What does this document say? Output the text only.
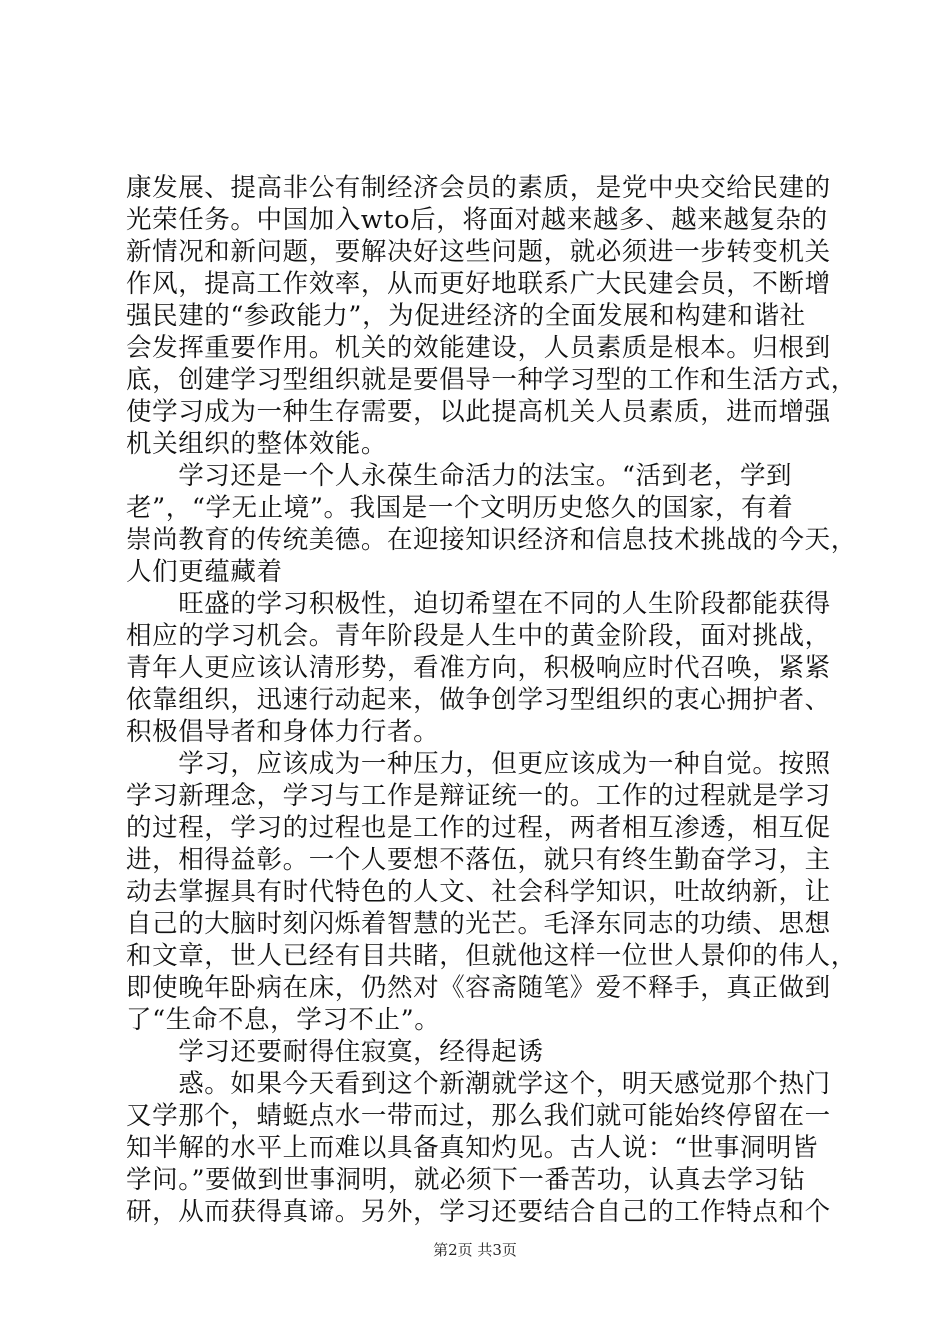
康发展、提高非公有制经济会员的素质，是党中央交给民建的
光荣任务。中国加入wto后，将面对越来越多、越来越复杂的
新情况和新问题，要解决好这些问题，就必须进一步转变机关
作风，提高工作效率，从而更好地联系广大民建会员，不断增
强民建的“参政能力”，为促进经济的全面发展和构建和谐社
会发挥重要作用。机关的效能建设，人员素质是根本。归根到
底，创建学习型组织就是要倡导一种学习型的工作和生活方式，
使学习成为一种生存需要，以此提高机关人员素质，进而增强
机关组织的整体效能。
　　学习还是一个人永葆生命活力的法宝。“活到老，学到
老”，“学无止境”。我国是一个文明历史悠久的国家，有着
崇尚教育的传统美德。在迎接知识经济和信息技术挑战的今天，
人们更蕴藏着
　　旺盛的学习积极性，迫切希望在不同的人生阶段都能获得
相应的学习机会。青年阶段是人生中的黄金阶段，面对挑战，
青年人更应该认清形势，看准方向，积极响应时代召唤，紧紧
依靠组织，迅速行动起来，做争创学习型组织的衷心拥护者、
积极倡导者和身体力行者。
　　学习，应该成为一种压力，但更应该成为一种自觉。按照
学习新理念，学习与工作是辩证统一的。工作的过程就是学习
的过程，学习的过程也是工作的过程，两者相互渗透，相互促
进，相得益彰。一个人要想不落伍，就只有终生勤奋学习，主
动去掌握具有时代特色的人文、社会科学知识，吐故纳新，让
自己的大脑时刻闪烁着智慧的光芒。毛泽东同志的功绩、思想
和文章，世人已经有目共睹，但就他这样一位世人景仰的伟人，
即使晚年卧病在床，仍然对《容斋随笔》爱不释手，真正做到
了“生命不息，学习不止”。
　　学习还要耐得住寂寞，经得起诱
　　惑。如果今天看到这个新潮就学这个，明天感觉那个热门
又学那个，蜻蜓点水一带而过，那么我们就可能始终停留在一
知半解的水平上而难以具备真知灼见。古人说：“世事洞明皆
学问。”要做到世事洞明，就必须下一番苦功，认真去学习钻
研，从而获得真谛。另外，学习还要结合自己的工作特点和个
第2页 共3页
